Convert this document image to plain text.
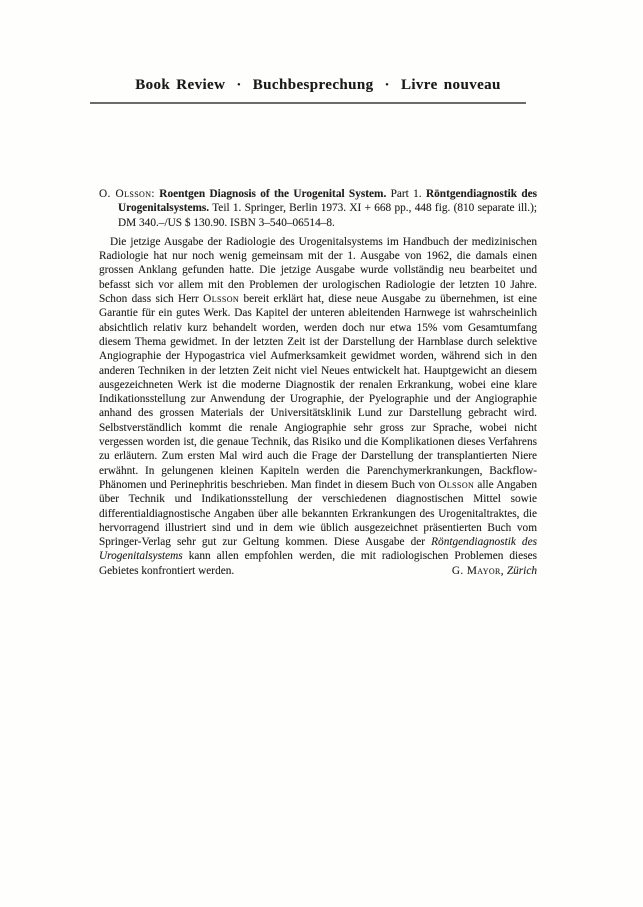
Book Review · Buchbesprechung · Livre nouveau

O. Olsson: Roentgen Diagnosis of the Urogenital System. Part 1. Röntgendiagnostik des Urogenitalsystems. Teil 1. Springer, Berlin 1973. XI + 668 pp., 448 fig. (810 separate ill.); DM 340.–/US $ 130.90. ISBN 3–540–06514–8.

Die jetzige Ausgabe der Radiologie des Urogenitalsystems im Handbuch der medizinischen Radiologie hat nur noch wenig gemeinsam mit der 1. Ausgabe von 1962, die damals einen grossen Anklang gefunden hatte. Die jetzige Ausgabe wurde vollständig neu bearbeitet und befasst sich vor allem mit den Problemen der urologischen Radiologie der letzten 10 Jahre. Schon dass sich Herr Olsson bereit erklärt hat, diese neue Ausgabe zu übernehmen, ist eine Garantie für ein gutes Werk. Das Kapitel der unteren ableitenden Harnwege ist wahrscheinlich absichtlich relativ kurz behandelt worden, werden doch nur etwa 15% vom Gesamtumfang diesem Thema gewidmet. In der letzten Zeit ist der Darstellung der Harnblase durch selektive Angiographie der Hypogastrica viel Aufmerksamkeit gewidmet worden, während sich in den anderen Techniken in der letzten Zeit nicht viel Neues entwickelt hat. Hauptgewicht an diesem ausgezeichneten Werk ist die moderne Diagnostik der renalen Erkrankung, wobei eine klare Indikationsstellung zur Anwendung der Urographie, der Pyelographie und der Angiographie anhand des grossen Materials der Universitätsklinik Lund zur Darstellung gebracht wird. Selbstverständlich kommt die renale Angiographie sehr gross zur Sprache, wobei nicht vergessen worden ist, die genaue Technik, das Risiko und die Komplikationen dieses Verfahrens zu erläutern. Zum ersten Mal wird auch die Frage der Darstellung der transplantierten Niere erwähnt. In gelungenen kleinen Kapiteln werden die Parenchymerkrankungen, Backflow-Phänomen und Perinephritis beschrieben. Man findet in diesem Buch von Olsson alle Angaben über Technik und Indikationsstellung der verschiedenen diagnostischen Mittel sowie differentialdiagnostische Angaben über alle bekannten Erkrankungen des Urogenitaltraktes, die hervorragend illustriert sind und in dem wie üblich ausgezeichnet präsentierten Buch vom Springer-Verlag sehr gut zur Geltung kommen. Diese Ausgabe der Röntgendiagnostik des Urogenitalsystems kann allen empfohlen werden, die mit radiologischen Problemen dieses Gebietes konfrontiert werden.	G. Mayor, Zürich
